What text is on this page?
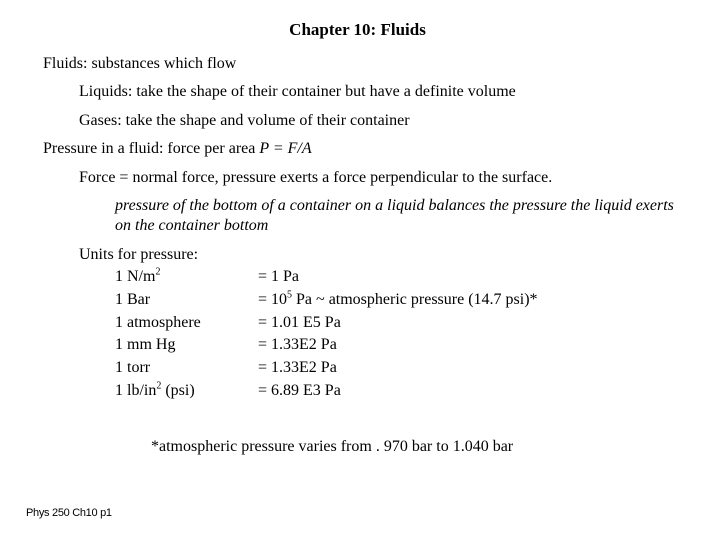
Chapter 10: Fluids
Fluids: substances which flow
Liquids: take the shape of their container but have a definite volume
Gases: take the shape and volume of their container
Pressure in a fluid: force per area P = F/A
Force = normal force, pressure exerts a force perpendicular to the surface.
pressure of the bottom of a container on a liquid balances the pressure the liquid exerts on the container bottom
Units for pressure:
1 $N/m^2$	= 1 Pa
1 Bar	= $10^5$ Pa ~ atmospheric pressure (14.7 psi)*
1 atmosphere	= 1.01 E5 Pa
1 mm Hg	= 1.33E2 Pa
1 torr	= 1.33E2 Pa
1 $lb/in^2$ (psi)	= 6.89 E3 Pa
*atmospheric pressure varies from . 970 bar to 1.040 bar
Phys 250 Ch10 p1
